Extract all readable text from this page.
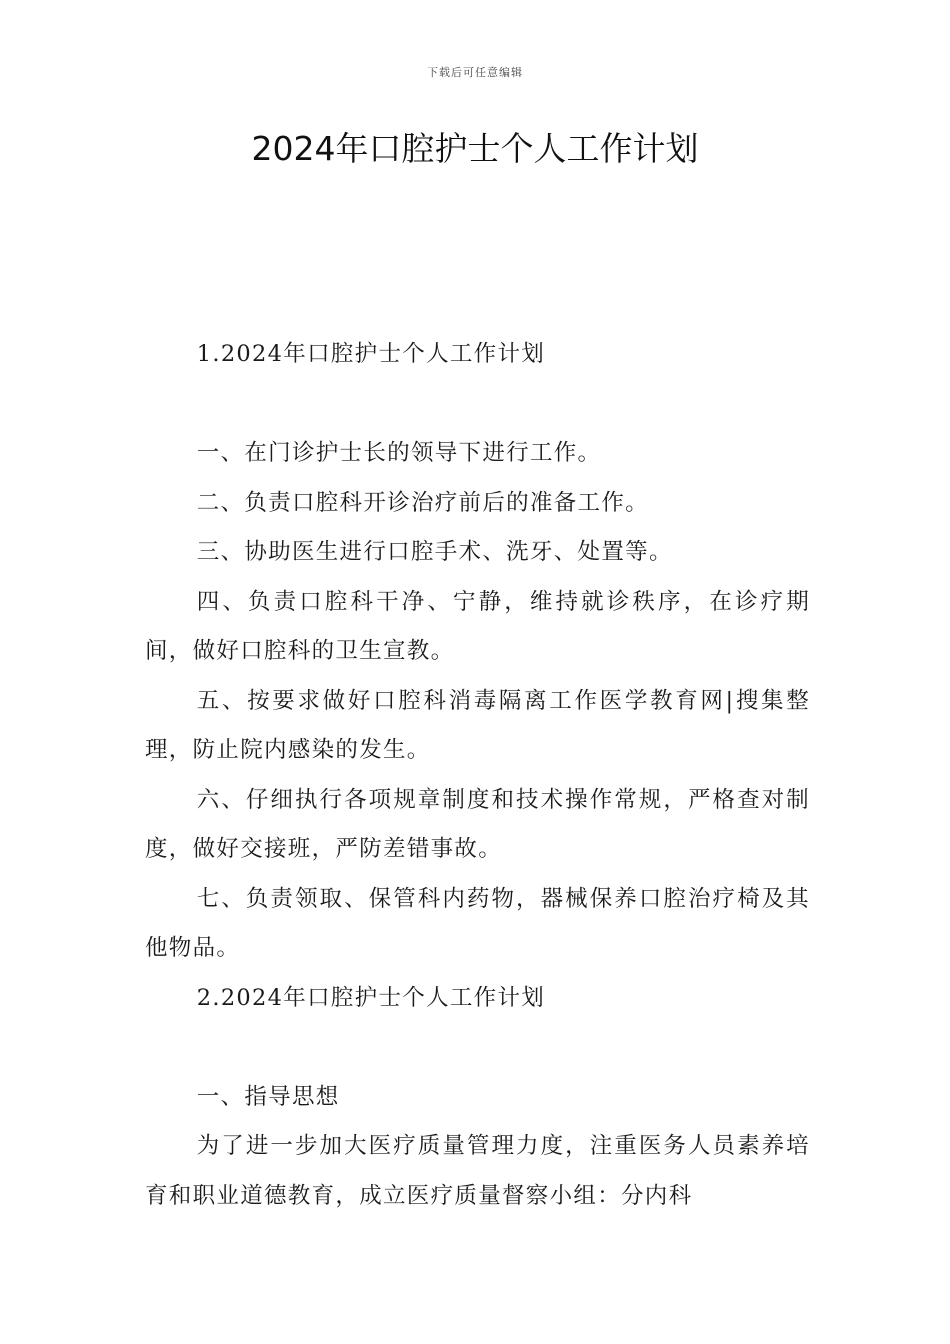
下载后可任意编辑
2024年口腔护士个人工作计划

1.2024年口腔护士个人工作计划

一、在门诊护士长的领导下进行工作。

二、负责口腔科开诊治疗前后的准备工作。

三、协助医生进行口腔手术、洗牙、处置等。

四、负责口腔科干净、宁静，维持就诊秩序，在诊疗期间，做好口腔科的卫生宣教。

五、按要求做好口腔科消毒隔离工作医学教育网|搜集整理，防止院内感染的发生。

六、仔细执行各项规章制度和技术操作常规，严格查对制度，做好交接班，严防差错事故。

七、负责领取、保管科内药物，器械保养口腔治疗椅及其他物品。

2.2024年口腔护士个人工作计划

一、指导思想

为了进一步加大医疗质量管理力度，注重医务人员素养培育和职业道德教育，成立医疗质量督察小组：分内科
